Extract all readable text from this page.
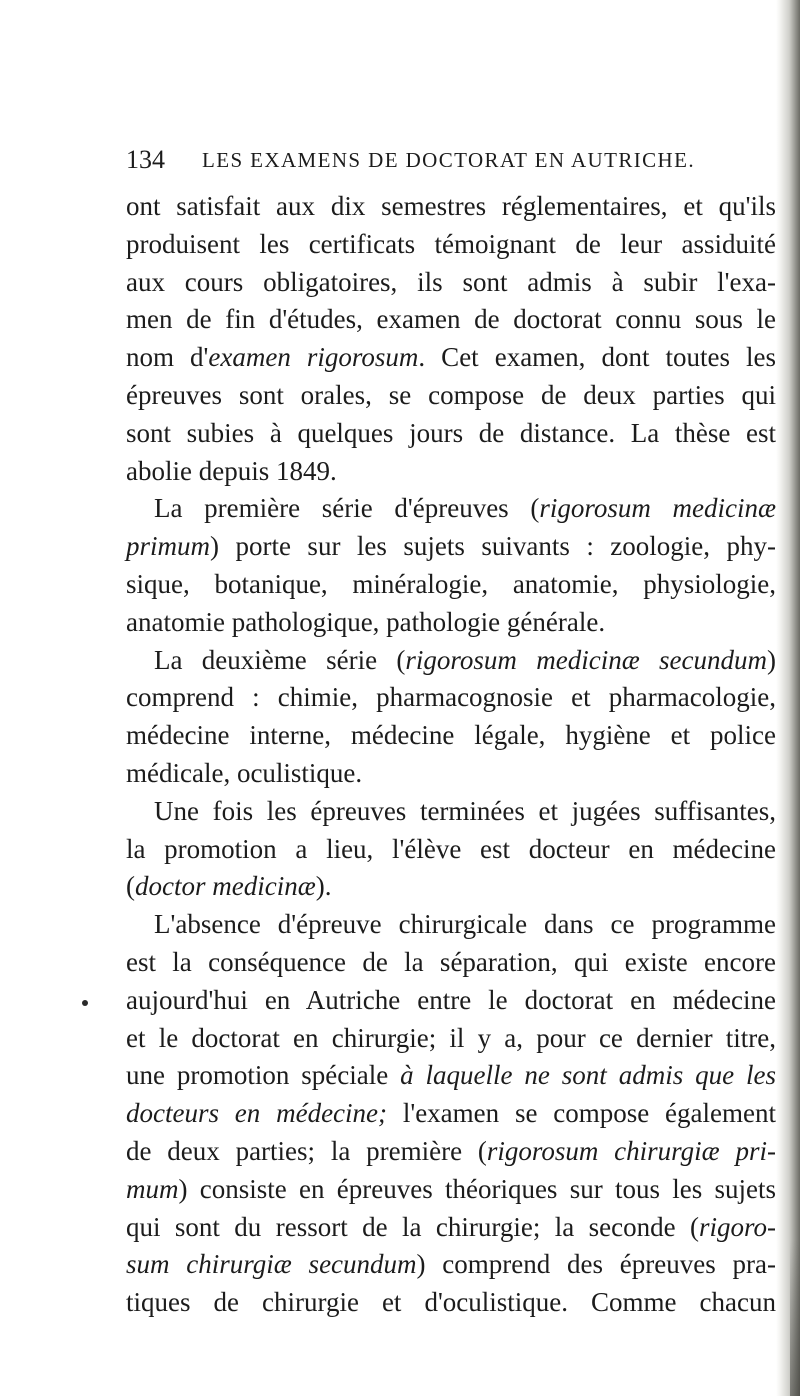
134 LES EXAMENS DE DOCTORAT EN AUTRICHE.
ont satisfait aux dix semestres réglementaires, et qu'ils
produisent les certificats témoignant de leur assiduité
aux cours obligatoires, ils sont admis à subir l'exa-
men de fin d'études, examen de doctorat connu sous le
nom d'examen rigorosum. Cet examen, dont toutes les
épreuves sont orales, se compose de deux parties qui
sont subies à quelques jours de distance. La thèse est
abolie depuis 1849.
La première série d'épreuves (rigorosum medicinæ
primum) porte sur les sujets suivants : zoologie, phy-
sique, botanique, minéralogie, anatomie, physiologie,
anatomie pathologique, pathologie générale.
La deuxième série (rigorosum medicinæ secundum)
comprend : chimie, pharmacognosie et pharmacologie,
médecine interne, médecine légale, hygiène et police
médicale, oculistique.
Une fois les épreuves terminées et jugées suffisantes,
la promotion a lieu, l'élève est docteur en médecine
(doctor medicinæ).
L'absence d'épreuve chirurgicale dans ce programme
est la conséquence de la séparation, qui existe encore
aujourd'hui en Autriche entre le doctorat en médecine
et le doctorat en chirurgie; il y a, pour ce dernier titre,
une promotion spéciale à laquelle ne sont admis que les
docteurs en médecine; l'examen se compose également
de deux parties; la première (rigorosum chirurgiæ pri-
mum) consiste en épreuves théoriques sur tous les sujets
qui sont du ressort de la chirurgie; la seconde (rigoro-
sum chirurgiæ secundum) comprend des épreuves pra-
tiques de chirurgie et d'oculistique. Comme chacun
